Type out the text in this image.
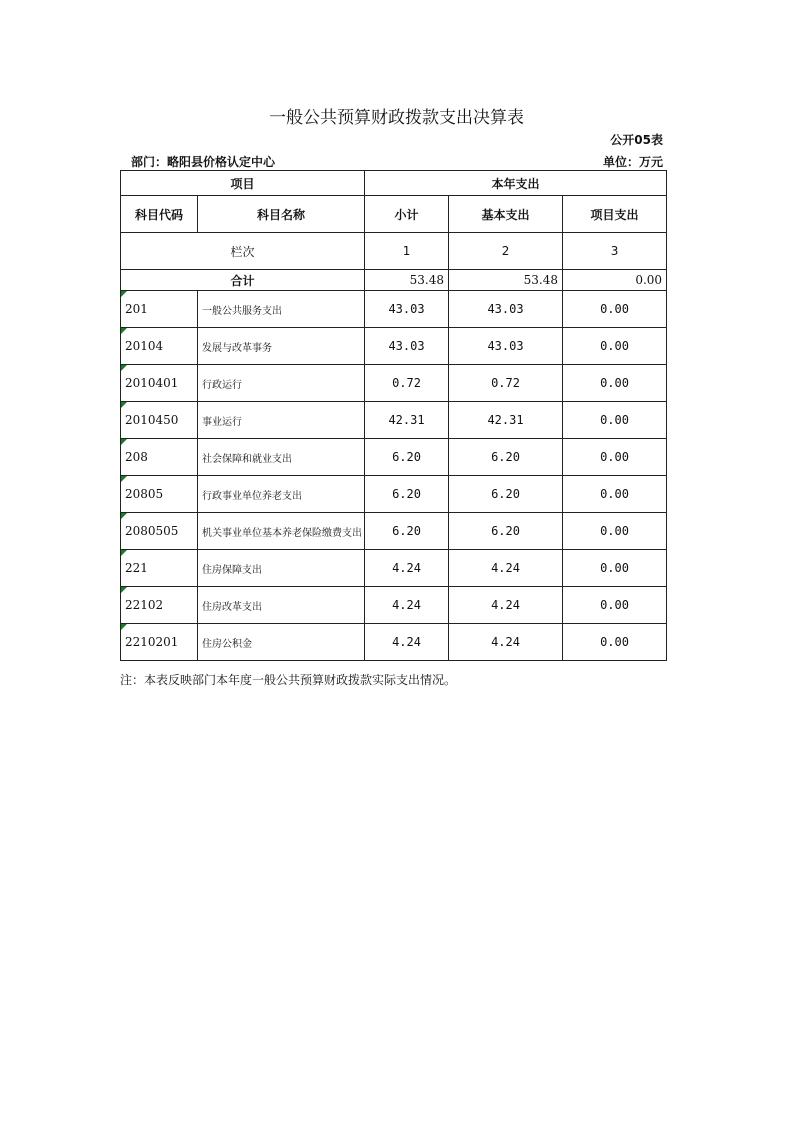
一般公共预算财政拨款支出决算表
公开05表
部门：略阳县价格认定中心	单位：万元
项目		本年支出		
科目代码	科目名称	小计	基本支出	项目支出
栏次		1	2	3
合计		53.48	53.48	0.00

201	一般公共服务支出	43.03	43.03	0.00

20104	发展与改革事务	43.03	43.03	0.00

2010401	行政运行	0.72	0.72	0.00

2010450	事业运行	42.31	42.31	0.00

208	社会保障和就业支出	6.20	6.20	0.00

20805	行政事业单位养老支出	6.20	6.20	0.00

2080505	机关事业单位基本养老保险缴费支出	6.20	6.20	0.00

221	住房保障支出	4.24	4.24	0.00

22102	住房改革支出	4.24	4.24	0.00

2210201	住房公积金	4.24	4.24	0.00
注：本表反映部门本年度一般公共预算财政拨款实际支出情况。
